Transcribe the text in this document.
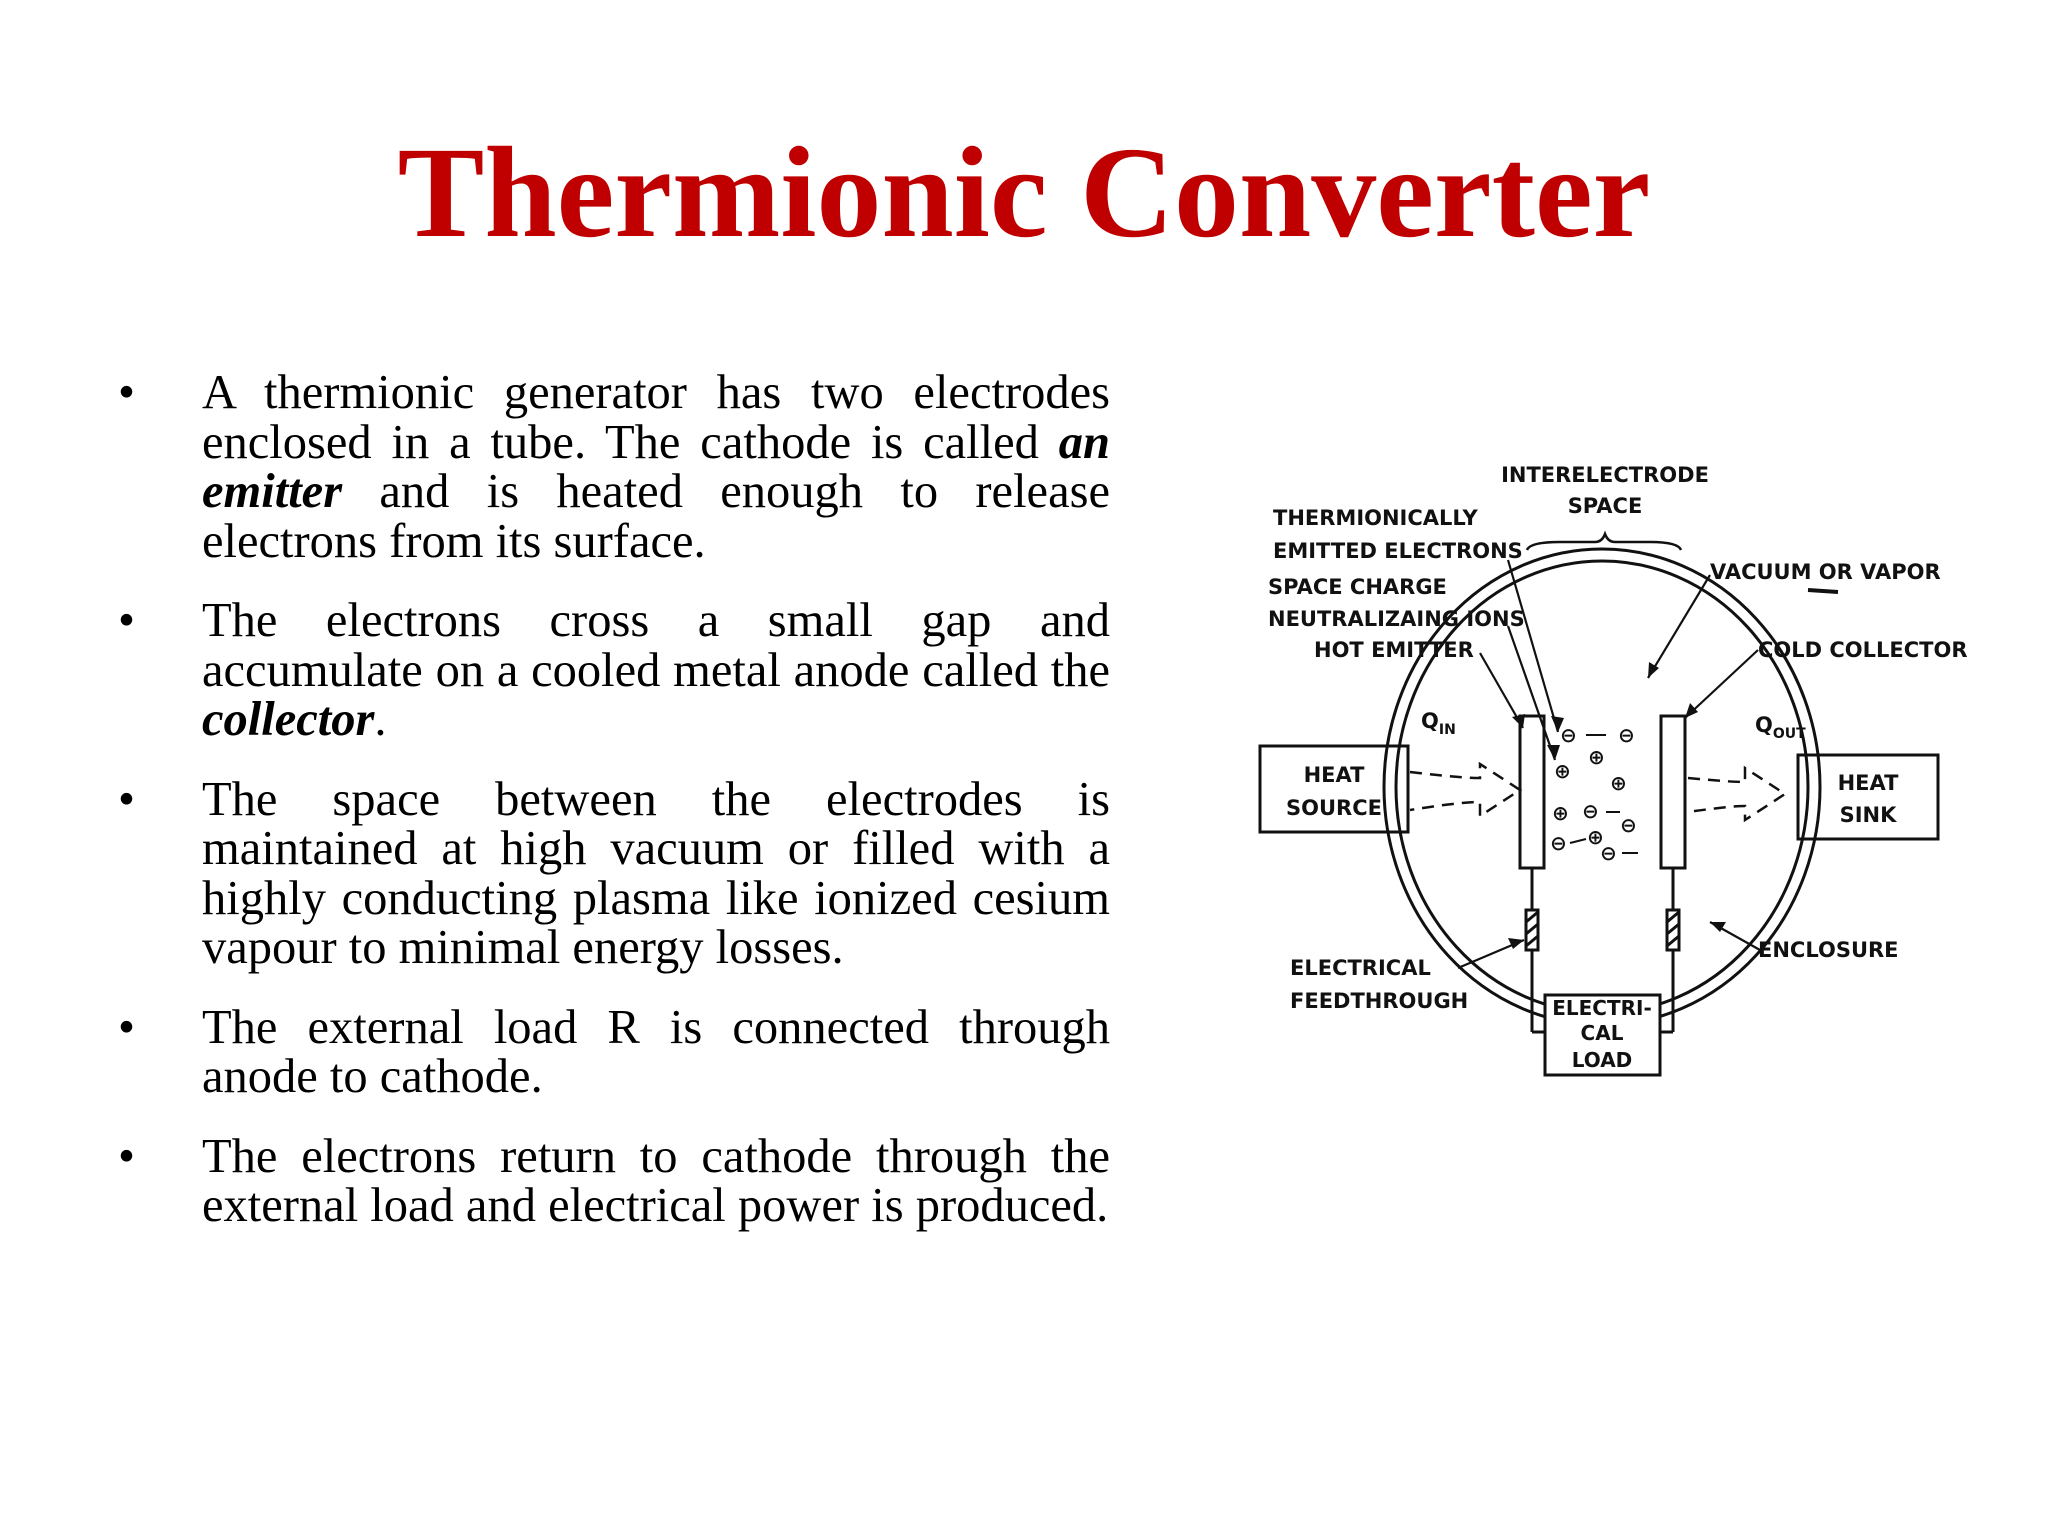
Thermionic Converter
•	A thermionic generator has two electrodes enclosed in a tube. The cathode is called an emitter and is heated enough to release electrons from its surface.
•	The electrons cross a small gap and accumulate on a cooled metal anode called the collector.
•	The space between the electrodes is maintained at high vacuum or filled with a highly conducting plasma like ionized cesium vapour to minimal energy losses.
•	The external load R is connected through anode to cathode.
•	The electrons return to cathode through the external load and electrical power is produced.
INTERELECTRODE
SPACE
THERMIONICALLY
EMITTED ELECTRONS
SPACE CHARGE
NEUTRALIZAING IONS
HOT EMITTER
VACUUM OR VAPOR
COLD COLLECTOR
$Q_{IN}$	$Q_{OUT}$
HEAT
SOURCE
HEAT
SINK
ENCLOSURE
ELECTRICAL
FEEDTHROUGH	ELECTRI-
CAL
LOAD
⊖ ⊖
⊕
⊕ ⊕
⊕ ⊖
⊖
⊖ ⊕
⊖
